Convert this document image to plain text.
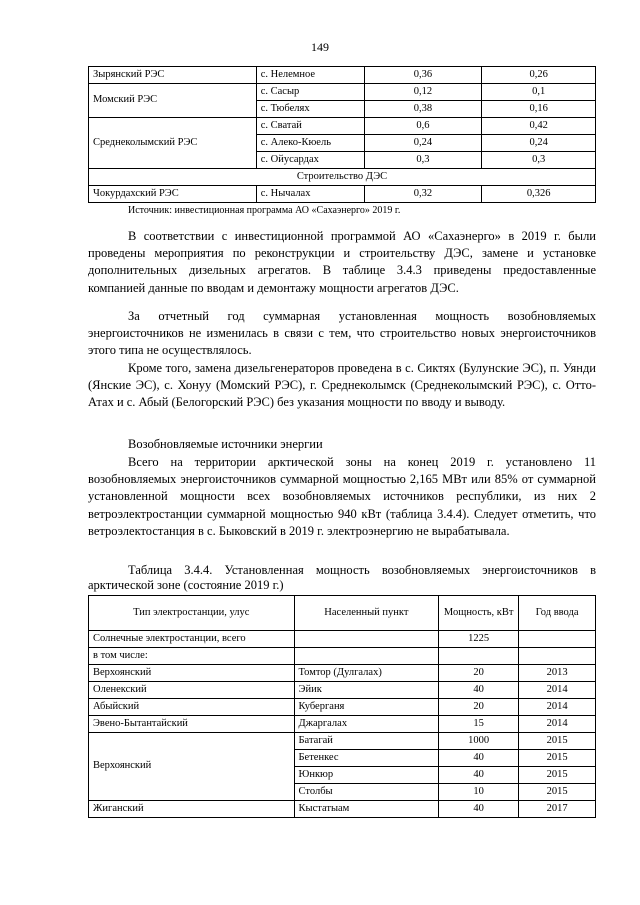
149
Зырянский РЭС	с. Нелемное	0,36	0,26
Момский РЭС	с. Сасыр	0,12	0,1
	с. Тюбелях	0,38	0,16
Среднеколымский РЭС	с. Сватай	0,6	0,42
	с. Алеко-Кюель	0,24	0,24
	с. Ойусардах	0,3	0,3
Строительство ДЭС			
Чокурдахский РЭС	с. Нычалах	0,32	0,326
Источник: инвестиционная программа АО «Сахаэнерго» 2019 г.

В соответствии с инвестиционной программой АО «Сахаэнерго» в 2019 г. были проведены мероприятия по реконструкции и строительству ДЭС, замене и установке дополнительных дизельных агрегатов. В таблице 3.4.3 приведены предоставленные компанией данные по вводам и демонтажу мощности агрегатов ДЭС.

За отчетный год суммарная установленная мощность возобновляемых энергоисточников не изменилась в связи с тем, что строительство новых энергоисточников этого типа не осуществлялось.

Кроме того, замена дизельгенераторов проведена в с. Сиктях (Булунские ЭС), п. Уянди (Янские ЭС), с. Хонуу (Момский РЭС), г. Среднеколымск (Среднеколымский РЭС), с. Отто-Атах и с. Абый (Белогорский РЭС) без указания мощности по вводу и выводу.

Возобновляемые источники энергии

Всего на территории арктической зоны на конец 2019 г. установлено 11 возобновляемых энергоисточников суммарной мощностью 2,165 МВт или 85% от суммарной установленной мощности всех возобновляемых источников республики, из них 2 ветроэлектростанции суммарной мощностью 940 кВт (таблица 3.4.4). Следует отметить, что ветроэлектостанция в с. Быковский в 2019 г. электроэнергию не вырабатывала.

Таблица 3.4.4. Установленная мощность возобновляемых энергоисточников в арктической зоне (состояние 2019 г.)

Тип электростанции, улус	Населенный пункт	Мощность, кВт	Год ввода
Солнечные электростанции, всего		1225	
в том числе:			
Верхоянский	Томтор (Дулгалах)	20	2013
Оленекский	Эйик	40	2014
Абыйский	Куберганя	20	2014
Эвено-Бытантайский	Джаргалах	15	2014
Верхоянский	Батагай	1000	2015
	Бетенкес	40	2015
	Юнкюр	40	2015
	Столбы	10	2015
Жиганский	Кыстатыам	40	2017
